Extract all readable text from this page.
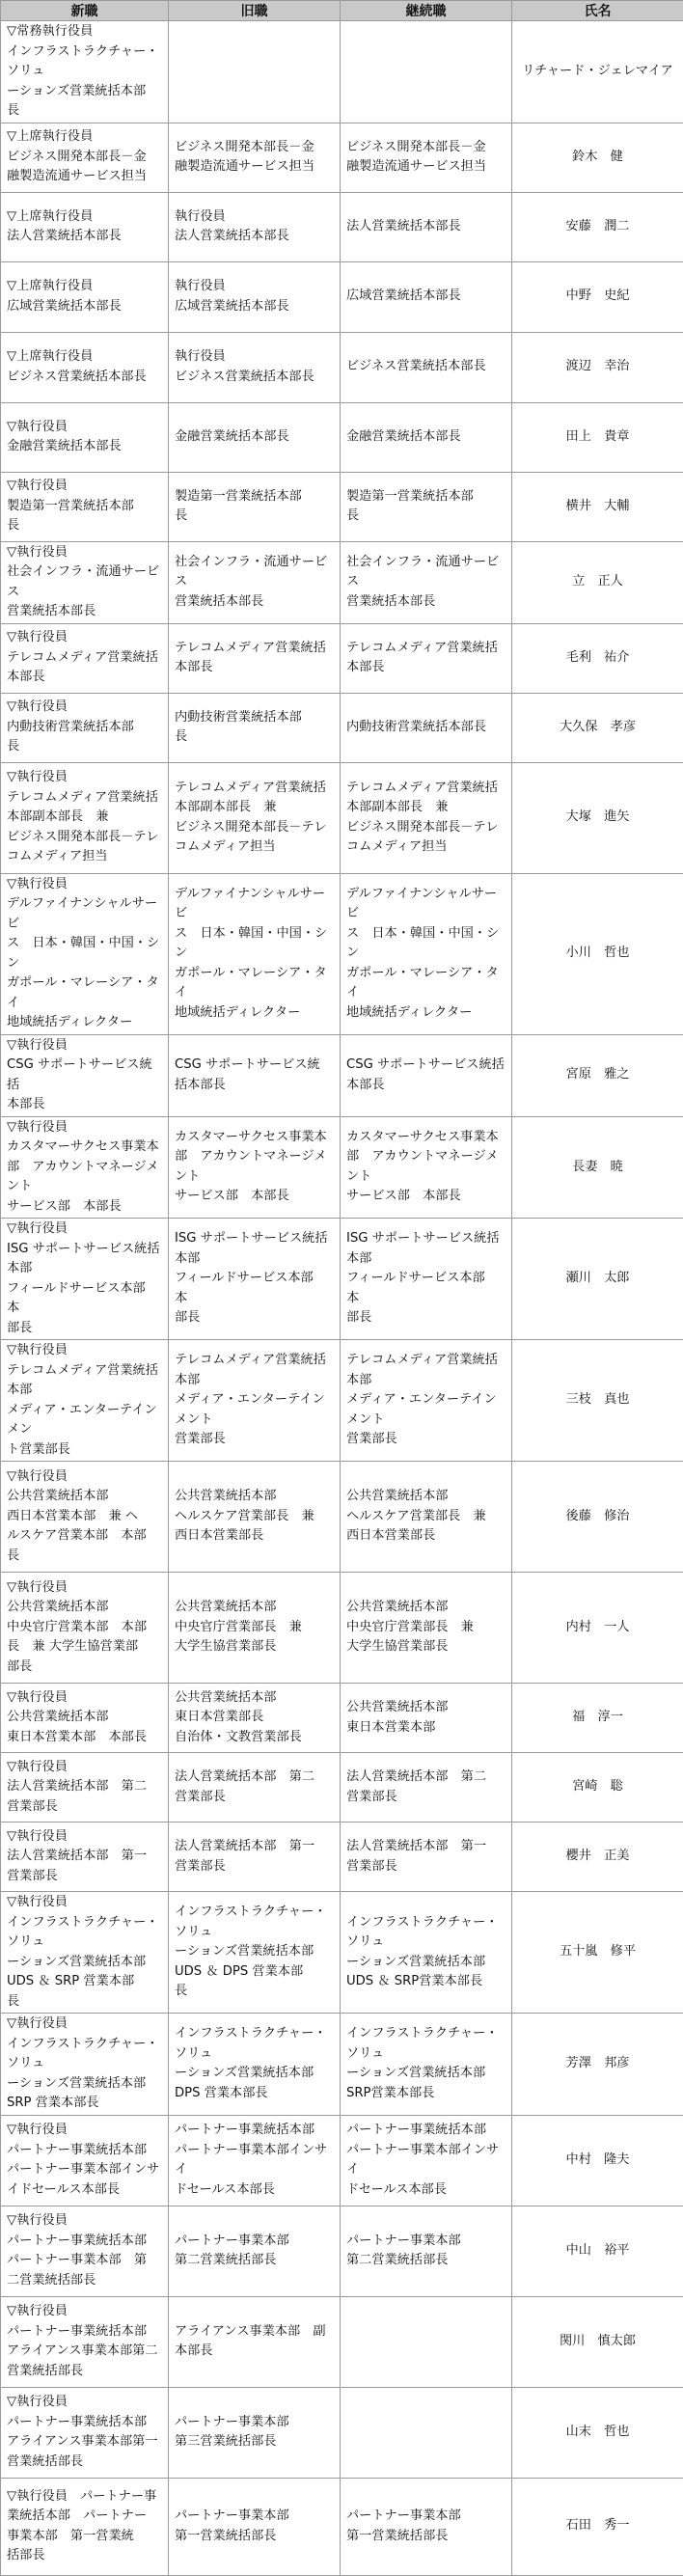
新職	旧職	継続職	氏名

▽常務執行役員
インフラストラクチャー・ソリュ
ーションズ営業統括本部
長			リチャード・ジェレマイア

▽上席執行役員
ビジネス開発本部長－金
融製造流通サービス担当	ビジネス開発本部長－金
融製造流通サービス担当	ビジネス開発本部長－金
融製造流通サービス担当	鈴木　健

▽上席執行役員
法人営業統括本部長	執行役員
法人営業統括本部長	法人営業統括本部長	安藤　潤二

▽上席執行役員
広域営業統括本部長	執行役員
広域営業統括本部長	広域営業統括本部長	中野　史紀

▽上席執行役員
ビジネス営業統括本部長	執行役員
ビジネス営業統括本部長	ビジネス営業統括本部長	渡辺　幸治

▽執行役員
金融営業統括本部長	金融営業統括本部長	金融営業統括本部長	田上　貴章

▽執行役員
製造第一営業統括本部
長	製造第一営業統括本部
長	製造第一営業統括本部
長	横井　大輔

▽執行役員
社会インフラ・流通サービス
営業統括本部長	社会インフラ・流通サービス
営業統括本部長	社会インフラ・流通サービス
営業統括本部長	立　正人

▽執行役員
テレコムメディア営業統括
本部長	テレコムメディア営業統括
本部長	テレコムメディア営業統括
本部長	毛利　祐介

▽執行役員
内動技術営業統括本部
長	内動技術営業統括本部
長	内動技術営業統括本部長	大久保　孝彦

▽執行役員
テレコムメディア営業統括
本部副本部長　兼
ビジネス開発本部長－テレ
コムメディア担当	テレコムメディア営業統括
本部副本部長　兼
ビジネス開発本部長－テレ
コムメディア担当	テレコムメディア営業統括
本部副本部長　兼
ビジネス開発本部長－テレ
コムメディア担当	大塚　進矢

▽執行役員
デルファイナンシャルサービ
ス　日本・韓国・中国・シン
ガポール・マレーシア・タイ
地域統括ディレクター	デルファイナンシャルサービ
ス　日本・韓国・中国・シン
ガポール・マレーシア・タイ
地域統括ディレクター	デルファイナンシャルサービ
ス　日本・韓国・中国・シン
ガポール・マレーシア・タイ
地域統括ディレクター	小川　哲也

▽執行役員
CSG サポートサービス統括
本部長	CSG サポートサービス統
括本部長	CSG サポートサービス統括
本部長	宮原　雅之

▽執行役員
カスタマーサクセス事業本
部　アカウントマネージメント
サービス部　本部長	カスタマーサクセス事業本
部　アカウントマネージメント
サービス部　本部長	カスタマーサクセス事業本
部　アカウントマネージメント
サービス部　本部長	長妻　暁

▽執行役員
ISG サポートサービス統括
本部
フィールドサービス本部　本
部長	ISG サポートサービス統括
本部
フィールドサービス本部　本
部長	ISG サポートサービス統括
本部
フィールドサービス本部　本
部長	瀬川　太郎

▽執行役員
テレコムメディア営業統括
本部
メディア・エンターテインメン
ト営業部長	テレコムメディア営業統括
本部
メディア・エンターテインメント
営業部長	テレコムメディア営業統括
本部
メディア・エンターテインメント
営業部長	三枝　真也

▽執行役員
公共営業統括本部
西日本営業本部　兼 ヘ
ルスケア営業本部　本部
長	公共営業統括本部
ヘルスケア営業部長　兼
西日本営業部長	公共営業統括本部
ヘルスケア営業部長　兼
西日本営業部長	後藤　修治

▽執行役員
公共営業統括本部
中央官庁営業本部　本部
長　兼 大学生協営業部
部長	公共営業統括本部
中央官庁営業部長　兼
大学生協営業部長	公共営業統括本部
中央官庁営業部長　兼
大学生協営業部長	内村　一人

▽執行役員
公共営業統括本部
東日本営業本部　本部長	公共営業統括本部
東日本営業部長
自治体・文教営業部長	公共営業統括本部
東日本営業本部	福　淳一

▽執行役員
法人営業統括本部　第二
営業部長	法人営業統括本部　第二
営業部長	法人営業統括本部　第二
営業部長	宮崎　聡

▽執行役員
法人営業統括本部　第一
営業部長	法人営業統括本部　第一
営業部長	法人営業統括本部　第一
営業部長	櫻井　正美

▽執行役員
インフラストラクチャー・ソリュ
ーションズ営業統括本部
UDS ＆ SRP 営業本部
長	インフラストラクチャー・ソリュ
ーションズ営業統括本部
UDS ＆ DPS 営業本部
長	インフラストラクチャー・ソリュ
ーションズ営業統括本部
UDS ＆ SRP営業本部長	五十嵐　修平

▽執行役員
インフラストラクチャー・ソリュ
ーションズ営業統括本部
SRP 営業本部長	インフラストラクチャー・ソリュ
ーションズ営業統括本部
DPS 営業本部長	インフラストラクチャー・ソリュ
ーションズ営業統括本部
SRP営業本部長	芳澤　邦彦

▽執行役員
パートナー事業統括本部
パートナー事業本部インサ
イドセールス本部長	パートナー事業統括本部
パートナー事業本部インサイ
ドセールス本部長	パートナー事業統括本部
パートナー事業本部インサイ
ドセールス本部長	中村　隆夫

▽執行役員
パートナー事業統括本部
パートナー事業本部　第
二営業統括部長	パートナー事業本部
第二営業統括部長	パートナー事業本部
第二営業統括部長	中山　裕平

▽執行役員
パートナー事業統括本部
アライアンス事業本部第二
営業統括部長	アライアンス事業本部　副
本部長		関川　慎太郎

▽執行役員
パートナー事業統括本部
アライアンス事業本部第一
営業統括部長	パートナー事業本部
第三営業統括部長		山末　哲也

▽執行役員　パートナー事
業統括本部　パートナー
事業本部　第一営業統
括部長	パートナー事業本部
第一営業統括部長	パートナー事業本部
第一営業統括部長	石田　秀一
